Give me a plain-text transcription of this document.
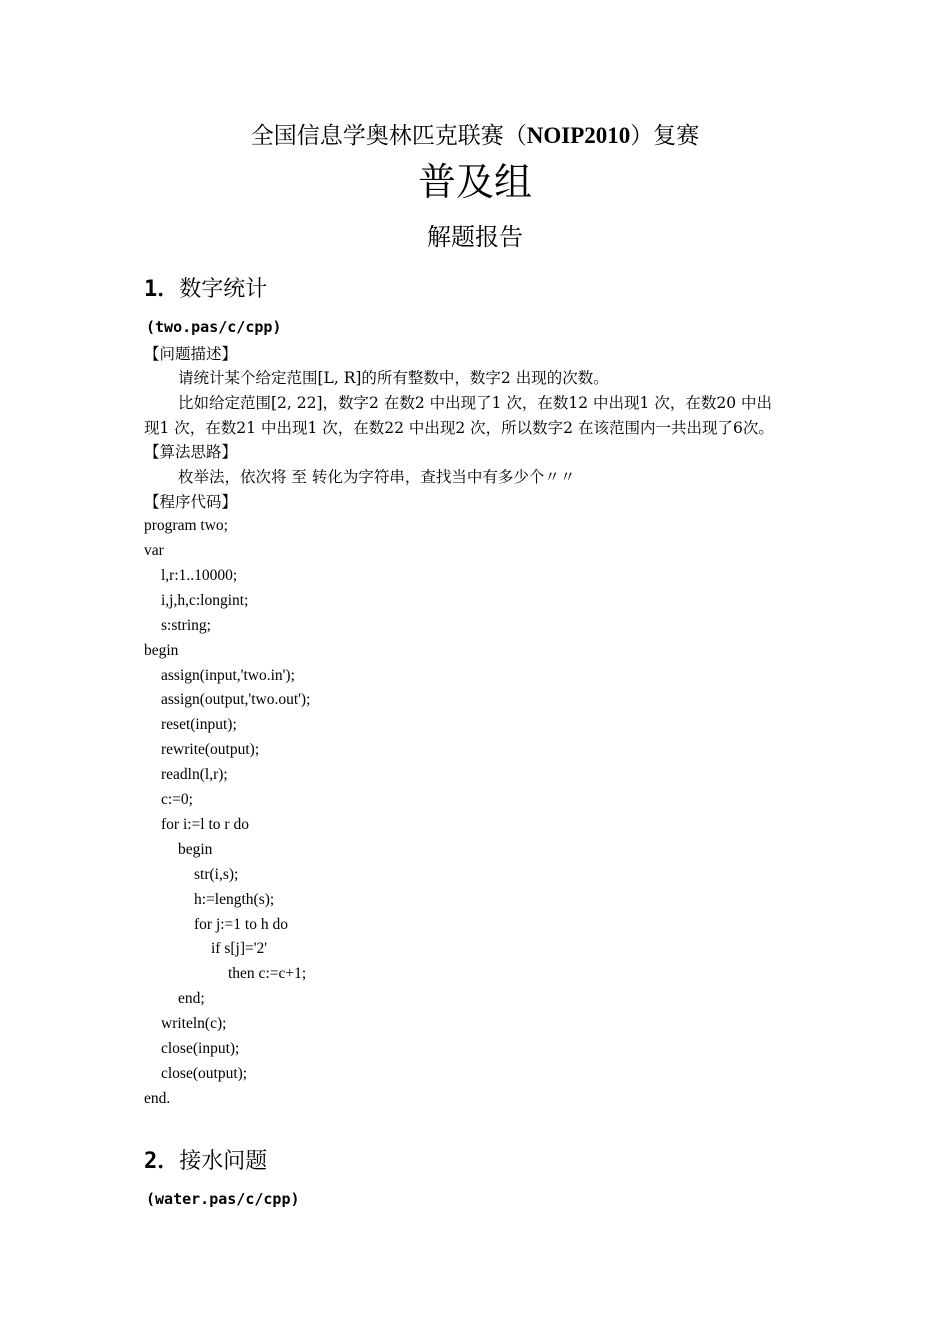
全国信息学奥林匹克联赛（NOIP2010）复赛
普及组
解题报告
1．数字统计
(two.pas/c/cpp)
【问题描述】
请统计某个给定范围[L, R]的所有整数中，数字2 出现的次数。
比如给定范围[2, 22]，数字2 在数2 中出现了1 次，在数12 中出现1 次，在数20 中出
现1 次，在数21 中出现1 次，在数22 中出现2 次，所以数字2 在该范围内一共出现了6次。
【算法思路】
枚举法，依次将 至 转化为字符串，查找当中有多少个〃〃
【程序代码】
program two;
var
l,r:1..10000;
i,j,h,c:longint;
s:string;
begin
assign(input,'two.in');
assign(output,'two.out');
reset(input);
rewrite(output);
readln(l,r);
c:=0;
for i:=l to r do
begin
str(i,s);
h:=length(s);
for j:=1 to h do
if s[j]='2'
then c:=c+1;
end;
writeln(c);
close(input);
close(output);
end.
2．接水问题
(water.pas/c/cpp)
